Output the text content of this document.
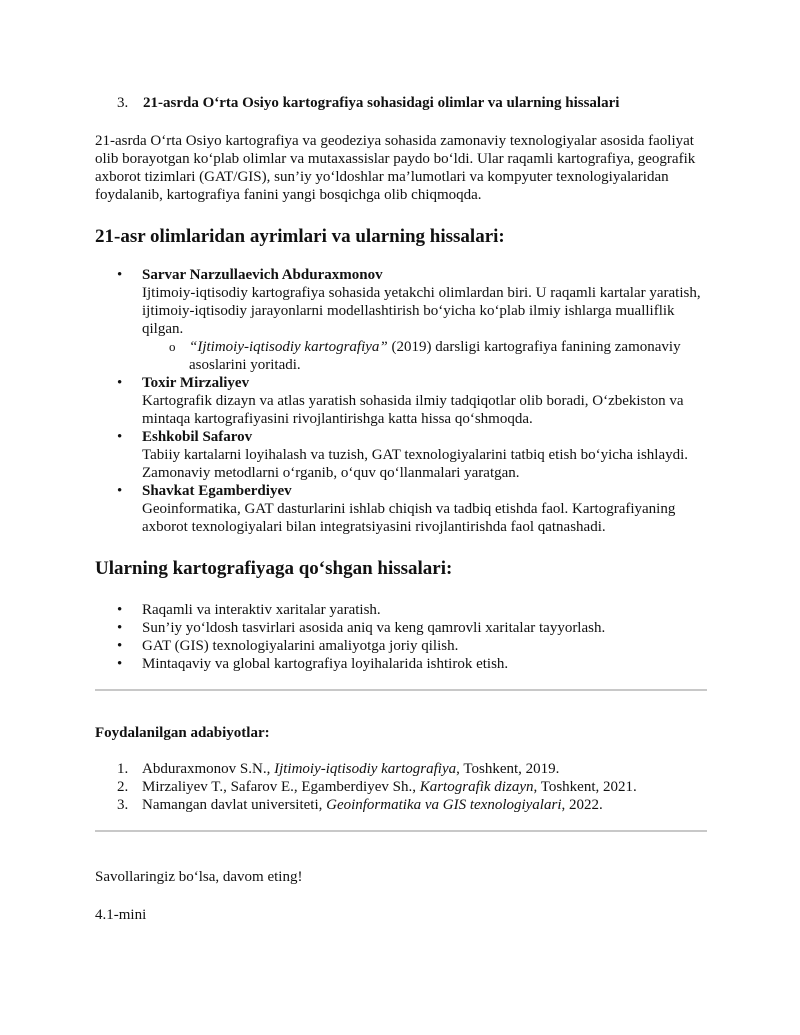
3. 21-asrda O‘rta Osiyo kartografiya sohasidagi olimlar va ularning hissalari

21-asrda O‘rta Osiyo kartografiya va geodeziya sohasida zamonaviy texnologiyalar asosida faoliyat olib borayotgan ko‘plab olimlar va mutaxassislar paydo bo‘ldi. Ular raqamli kartografiya, geografik axborot tizimlari (GAT/GIS), sun’iy yo‘ldoshlar ma’lumotlari va kompyuter texnologiyalaridan foydalanib, kartografiya fanini yangi bosqichga olib chiqmoqda.

21-asr olimlaridan ayrimlari va ularning hissalari:
• Sarvar Narzullaevich Abduraxmonov
Ijtimoiy-iqtisodiy kartografiya sohasida yetakchi olimlardan biri. U raqamli kartalar yaratish, ijtimoiy-iqtisodiy jarayonlarni modellashtirish bo‘yicha ko‘plab ilmiy ishlarga mualliflik qilgan.
o “Ijtimoiy-iqtisodiy kartografiya” (2019) darsligi kartografiya fanining zamonaviy asoslarini yoritadi.
• Toxir Mirzaliyev
Kartografik dizayn va atlas yaratish sohasida ilmiy tadqiqotlar olib boradi, O‘zbekiston va mintaqa kartografiyasini rivojlantirishga katta hissa qo‘shmoqda.
• Eshkobil Safarov
Tabiiy kartalarni loyihalash va tuzish, GAT texnologiyalarini tatbiq etish bo‘yicha ishlaydi. Zamonaviy metodlarni o‘rganib, o‘quv qo‘llanmalari yaratgan.
• Shavkat Egamberdiyev
Geoinformatika, GAT dasturlarini ishlab chiqish va tadbiq etishda faol. Kartografiyaning axborot texnologiyalari bilan integratsiyasini rivojlantirishda faol qatnashadi.
Ularning kartografiyaga qo‘shgan hissalari:
• Raqamli va interaktiv xaritalar yaratish.
• Sun’iy yo‘ldosh tasvirlari asosida aniq va keng qamrovli xaritalar tayyorlash.
• GAT (GIS) texnologiyalarini amaliyotga joriy qilish.
• Mintaqaviy va global kartografiya loyihalarida ishtirok etish.

Foydalanilgan adabiyotlar:

1. Abduraxmonov S.N., Ijtimoiy-iqtisodiy kartografiya, Toshkent, 2019.
2. Mirzaliyev T., Safarov E., Egamberdiyev Sh., Kartografik dizayn, Toshkent, 2021.
3. Namangan davlat universiteti, Geoinformatika va GIS texnologiyalari, 2022.

Savollaringiz bo‘lsa, davom eting!

4.1-mini
